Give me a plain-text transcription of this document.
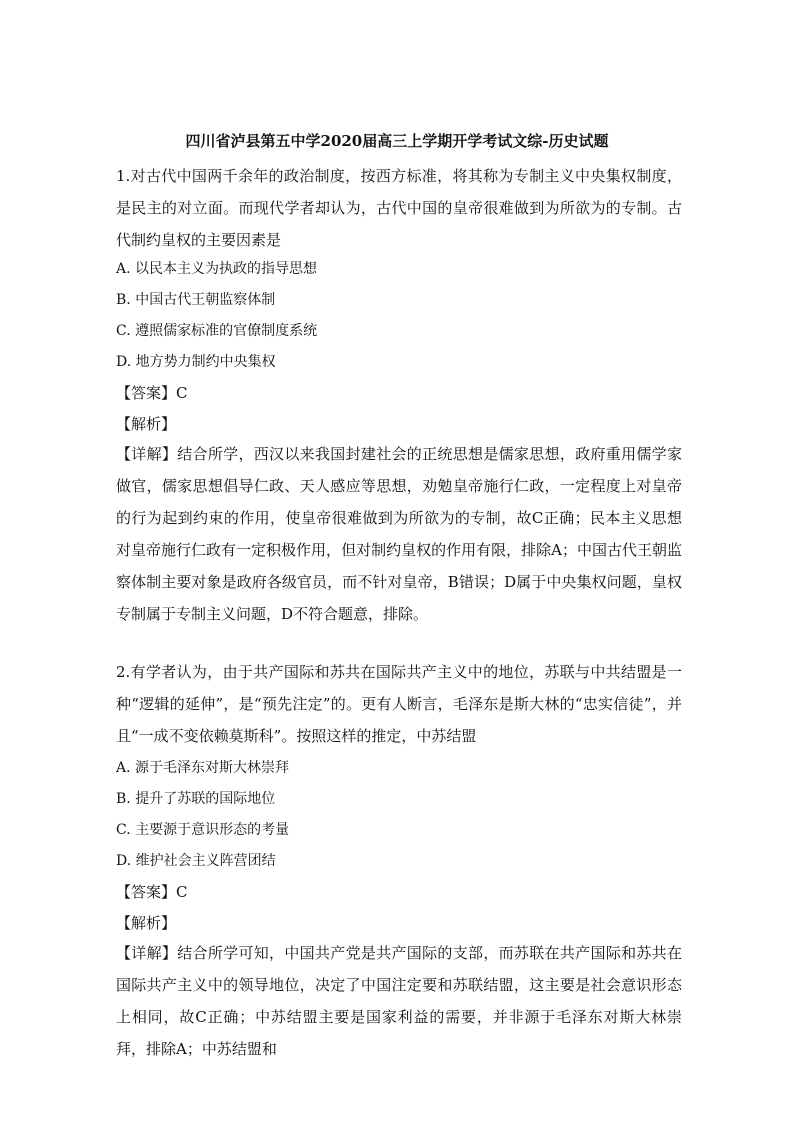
四川省泸县第五中学2020届高三上学期开学考试文综-历史试题
1.对古代中国两千余年的政治制度，按西方标准，将其称为专制主义中央集权制度，是民主的对立面。而现代学者却认为，古代中国的皇帝很难做到为所欲为的专制。古代制约皇权的主要因素是
A. 以民本主义为执政的指导思想
B. 中国古代王朝监察体制
C. 遵照儒家标准的官僚制度系统
D. 地方势力制约中央集权
【答案】C
【解析】
【详解】结合所学，西汉以来我国封建社会的正统思想是儒家思想，政府重用儒学家做官，儒家思想倡导仁政、天人感应等思想，劝勉皇帝施行仁政，一定程度上对皇帝的行为起到约束的作用，使皇帝很难做到为所欲为的专制，故C正确；民本主义思想对皇帝施行仁政有一定积极作用，但对制约皇权的作用有限，排除A；中国古代王朝监察体制主要对象是政府各级官员，而不针对皇帝，B错误；D属于中央集权问题，皇权专制属于专制主义问题，D不符合题意，排除。
2.有学者认为，由于共产国际和苏共在国际共产主义中的地位，苏联与中共结盟是一种“逻辑的延伸”，是“预先注定”的。更有人断言，毛泽东是斯大林的“忠实信徒”，并且“一成不变依赖莫斯科”。按照这样的推定，中苏结盟
A. 源于毛泽东对斯大林崇拜
B. 提升了苏联的国际地位
C. 主要源于意识形态的考量
D. 维护社会主义阵营团结
【答案】C
【解析】
【详解】结合所学可知，中国共产党是共产国际的支部，而苏联在共产国际和苏共在国际共产主义中的领导地位，决定了中国注定要和苏联结盟，这主要是社会意识形态上相同，故C正确；中苏结盟主要是国家利益的需要，并非源于毛泽东对斯大林崇拜，排除A；中苏结盟和
